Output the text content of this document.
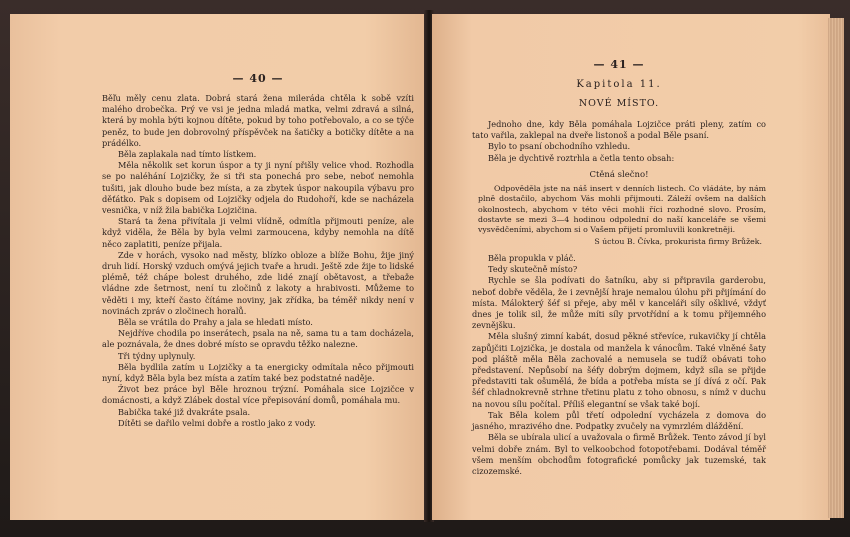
— 40 —

Běľu měly cenu zlata. Dobrá stará žena mileráda chtěla k sobě vzíti malého drobečka. Prý ve vsi je jedna mladá matka, velmi zdravá a silná, která by mohla býti kojnou dítěte, pokud by toho potřebovalo, a co se týče peněz, to bude jen dobrovolný příspěvček na šatičky a botičky dítěte a na prádélko.

Běla zaplakala nad tímto lístkem.

Měla několik set korun úspor a ty ji nyní přišly velice vhod. Rozhodla se po naléhání Lojzičky, že si tři sta ponechá pro sebe, neboť nemohla tušiti, jak dlouho bude bez místa, a za zbytek úspor nakoupila výbavu pro děťátko. Pak s dopisem od Lojzičky odjela do Rudohoří, kde se nacházela vesnička, v níž žila babička Lojzičina.

Stará ta žena přivítala ji velmi vlídně, odmítla přijmouti peníze, ale když viděla, že Běla by byla velmi zarmoucena, kdyby nemohla na dítě něco zaplatiti, peníze přijala.

Zde v horách, vysoko nad městy, blízko obloze a blíže Bohu, žije jiný druh lidí. Horský vzduch omývá jejich tvaře a hrudi. Ještě zde žije to lidské plémě, též chápe bolest druhého, zde lidé znají obětavost, a třebaže vládne zde šetrnost, není tu zločinů z lakoty a hrabivosti. Můžeme to věděti i my, kteří často čítáme noviny, jak zřídka, ba téměř nikdy není v novinách zpráv o zločinech horalů.

Běla se vrátila do Prahy a jala se hledati místo.

Nejdříve chodila po inserátech, psala na ně, sama tu a tam docházela, ale poznávala, že dnes dobré místo se opravdu těžko nalezne.

Tři týdny uplynuly.

Běla bydlila zatím u Lojzičky a ta energicky odmítala něco přijmouti nyní, když Běla byla bez místa a zatím také bez podstatné naděje.

Život bez práce byl Běle hroznou trýzní. Pomáhala sice Lojzičce v domácnosti, a když Zlábek dostal více přepisování domů, pomáhala mu.

Babička také již dvakráte psala.

Dítěti se dařilo velmi dobře a rostlo jako z vody.

— 41 —
Kapitola 11.
NOVÉ MÍSTO.

Jednoho dne, kdy Běla pomáhala Lojzičce práti pleny, zatím co tato vařila, zaklepal na dveře listonoš a podal Běle psaní.

Bylo to psaní obchodního vzhledu.

Běla je dychtivě roztrhla a četla tento obsah:

Ctěná slečno!

Odpověděla jste na náš insert v denních listech. Co vládáte, by nám plně dostačilo, abychom Vás mohli přijmouti. Záleží ovšem na dalších okolnostech, abychom v této věci mohli říci rozhodné slovo. Prosím, dostavte se mezi 3—4 hodinou odpolední do naší kanceláře se všemi vysvědčeními, abychom si o Vašem přijetí promluvili konkretněji.

S úctou B. Čívka, prokurista firmy Brůžek.

Běla propukla v pláč.

Tedy skutečně místo?

Rychle se šla podívati do šatníku, aby si připravila garderobu, neboť dobře věděla, že i zevnější hraje nemalou úlohu při přijímání do místa. Málokterý šéf si přeje, aby měl v kanceláři síly ošklivé, vždyť dnes je tolik sil, že může míti síly prvotřídní a k tomu příjemného zevnějšku.

Měla slušný zimní kabát, dosud pěkné střevíce, rukavičky jí chtěla zapůjčiti Lojzička, je dostala od manžela k vánocům. Také vlněné šaty pod pláště měla Běla zachovalé a nemusela se tudíž obávati toho představení. Nepůsobí na šéfy dobrým dojmem, když síla se přijde představiti tak ošumělá, že bída a potřeba místa se jí dívá z očí. Pak šéf chladnokrevně strhne třetinu platu z toho obnosu, s nímž v duchu na novou sílu počítal. Příliš elegantní se však také bojí.

Tak Běla kolem půl třetí odpolední vycházela z domova do jasného, mrazivého dne. Podpatky zvučely na vymrzlém dláždění.

Běla se ubírala ulicí a uvažovala o firmě Brůžek. Tento závod jí byl velmi dobře znám. Byl to velkoobchod fotopotřebami. Dodával téměř všem menším obchodům fotografické pomůcky jak tuzemské, tak cizozemské.
